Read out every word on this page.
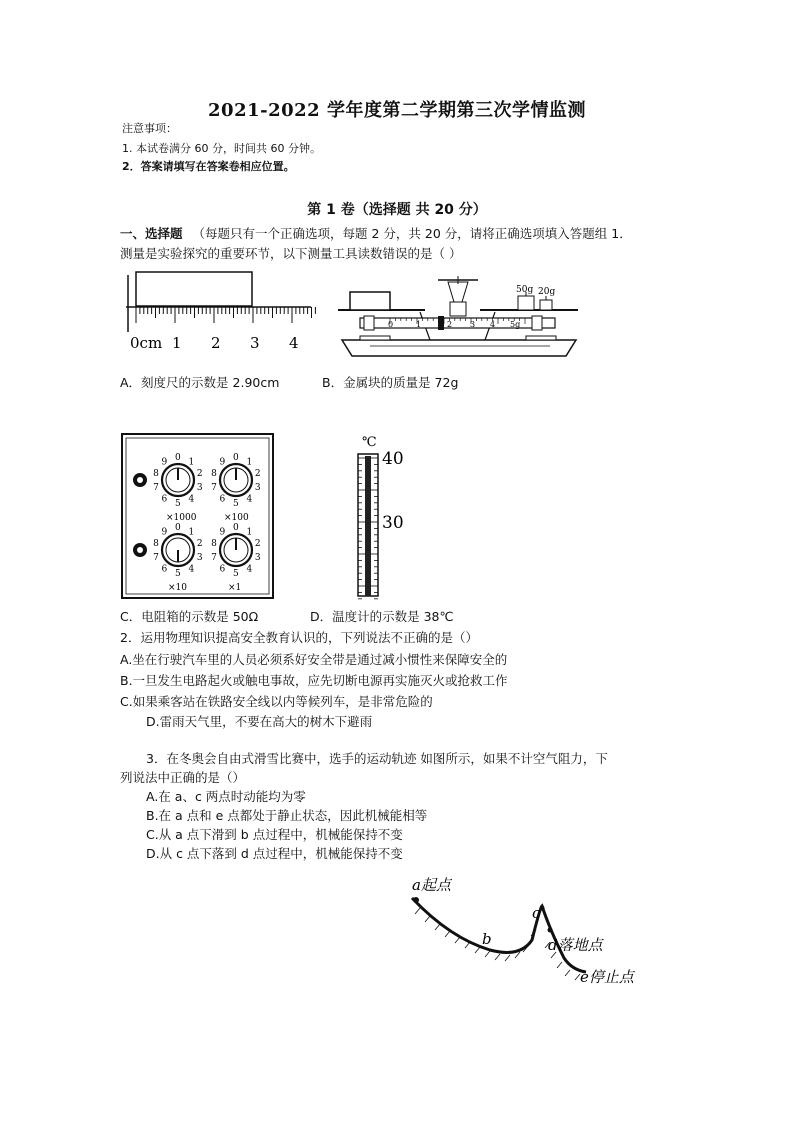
2021-2022 学年度第二学期第三次学情监测
注意事项：
1. 本试卷满分 60 分，时间共 60 分钟。
2．答案请填写在答案卷相应位置。
第 1 卷（选择题 共 20 分）
一、选择题 （每题只有一个正确选项，每题 2 分，共 20 分，请将正确选项填入答题组 1．
测量是实验探究的重要环节，以下测量工具读数错误的是（ ）
0cm 1 2 3 4
0	1	2 3 4 5g
50g 20g
A．刻度尺的示数是 2.90cm	B．金属块的质量是 72g
0 1
2
3
4
5
6
7
8
9	0 1
2
3
4
5
6
7
8
9
0 1
2
3
4
5
6
7
8
9	0 1
2
3
4
5
6
7
8
9
×1000	×100
×10	×1
℃
40
30
C．电阻箱的示数是 50Ω	D．温度计的示数是 38℃
2．运用物理知识提高安全教育认识的，下列说法不正确的是（）
A.坐在行驶汽车里的人员必须系好安全带是通过减小惯性来保障安全的
B.一旦发生电路起火或触电事故，应先切断电源再实施灭火或抢救工作
C.如果乘客站在铁路安全线以内等候列车，是非常危险的
D.雷雨天气里，不要在高大的树木下避雨
3．在冬奥会自由式滑雪比赛中，选手的运动轨迹 如图所示，如果不计空气阻力，下
列说法中正确的是（）
A.在 a、c 两点时动能均为零
B.在 a 点和 e 点都处于静止状态，因此机械能相等
C.从 a 点下滑到 b 点过程中，机械能保持不变
D.从 c 点下落到 d 点过程中，机械能保持不变
a起点
b
c
d落地点
e停止点
